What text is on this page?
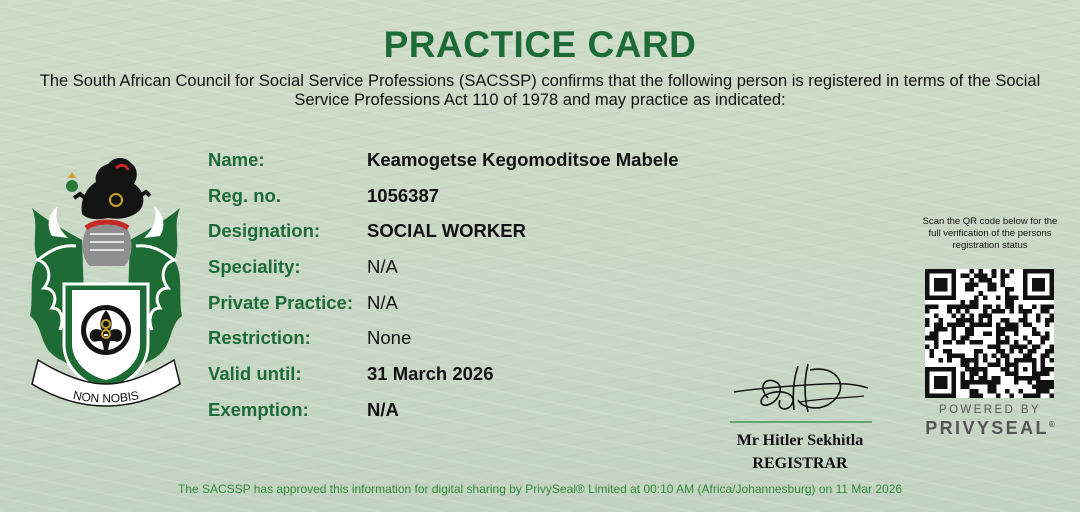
PRACTICE CARD
The South African Council for Social Service Professions (SACSSP) confirms that the following person is registered in terms of the Social Service Professions Act 110 of 1978 and may practice as indicated:
NON NOBIS
Name:	Keamogetse Kegomoditsoe Mabele
Reg. no.	1056387
Designation:	SOCIAL WORKER
Speciality:	N/A
Private Practice: N/A
Restriction:	None
Valid until:	31 March 2026
Exemption:	N/A
Mr Hitler Sekhitla
REGISTRAR
Scan the QR code below for the full verification of the persons registration status
POWERED BY
PRIVYSEAL®
The SACSSP has approved this information for digital sharing by PrivySeal® Limited at 00:10 AM (Africa/Johannesburg) on 11 Mar 2026
